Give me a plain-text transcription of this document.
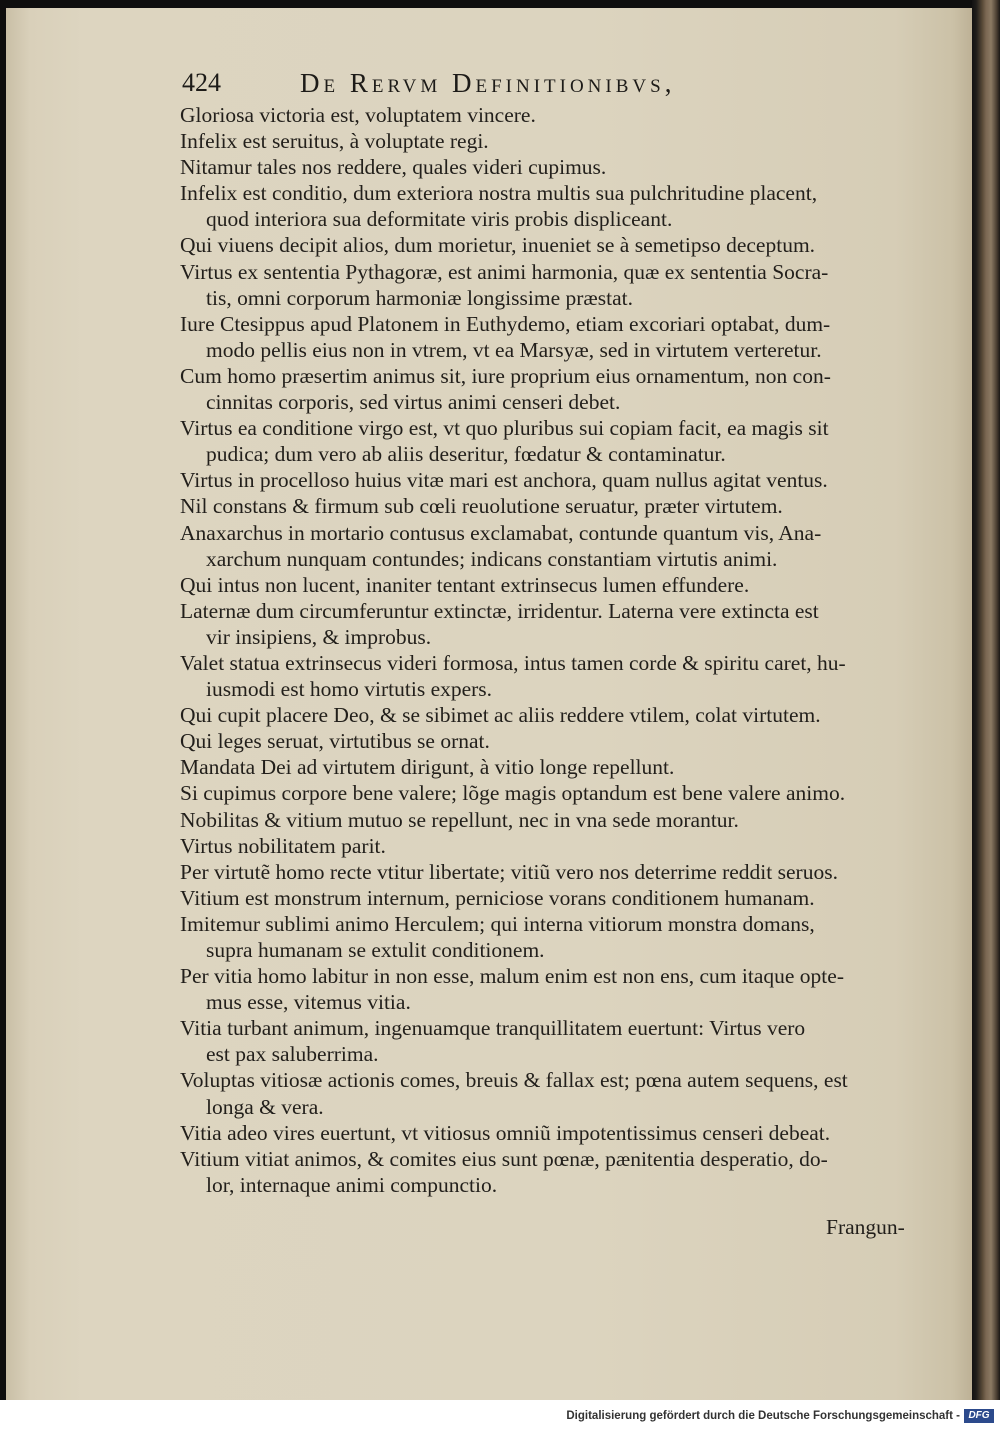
424	De Rervm Definitionibvs,
Gloriosa victoria est, voluptatem vincere.
Infelix est seruitus, à voluptate regi.
Nitamur tales nos reddere, quales videri cupimus.
Infelix est conditio, dum exteriora nostra multis sua pulchritudine placent,
quod interiora sua deformitate viris probis displiceant.
Qui viuens decipit alios, dum morietur, inueniet se à semetipso deceptum.
Virtus ex sententia Pythagoræ, est animi harmonia, quæ ex sententia Socra-
tis, omni corporum harmoniæ longissime præstat.
Iure Ctesippus apud Platonem in Euthydemo, etiam excoriari optabat, dum-
modo pellis eius non in vtrem, vt ea Marsyæ, sed in virtutem verteretur.
Cum homo præsertim animus sit, iure proprium eius ornamentum, non con-
cinnitas corporis, sed virtus animi censeri debet.
Virtus ea conditione virgo est, vt quo pluribus sui copiam facit, ea magis sit
pudica; dum vero ab aliis deseritur, fœdatur & contaminatur.
Virtus in procelloso huius vitæ mari est anchora, quam nullus agitat ventus.
Nil constans & firmum sub cœli reuolutione seruatur, præter virtutem.
Anaxarchus in mortario contusus exclamabat, contunde quantum vis, Ana-
xarchum nunquam contundes; indicans constantiam virtutis animi.
Qui intus non lucent, inaniter tentant extrinsecus lumen effundere.
Laternæ dum circumferuntur extinctæ, irridentur. Laterna vere extincta est
vir insipiens, & improbus.
Valet statua extrinsecus videri formosa, intus tamen corde & spiritu caret, hu-
iusmodi est homo virtutis expers.
Qui cupit placere Deo, & se sibimet ac aliis reddere vtilem, colat virtutem.
Qui leges seruat, virtutibus se ornat.
Mandata Dei ad virtutem dirigunt, à vitio longe repellunt.
Si cupimus corpore bene valere; lõge magis optandum est bene valere animo.
Nobilitas & vitium mutuo se repellunt, nec in vna sede morantur.
Virtus nobilitatem parit.
Per virtutẽ homo recte vtitur libertate; vitiũ vero nos deterrime reddit seruos.
Vitium est monstrum internum, perniciose vorans conditionem humanam.
Imitemur sublimi animo Herculem; qui interna vitiorum monstra domans,
supra humanam se extulit conditionem.
Per vitia homo labitur in non esse, malum enim est non ens, cum itaque opte-
mus esse, vitemus vitia.
Vitia turbant animum, ingenuamque tranquillitatem euertunt: Virtus vero
est pax saluberrima.
Voluptas vitiosæ actionis comes, breuis & fallax est; pœna autem sequens, est
longa & vera.
Vitia adeo vires euertunt, vt vitiosus omniũ impotentissimus censeri debeat.
Vitium vitiat animos, & comites eius sunt pœnæ, pænitentia desperatio, do-
lor, internaque animi compunctio.
Frangun-
Digitalisierung gefördert durch die Deutsche Forschungsgemeinschaft - DFG
